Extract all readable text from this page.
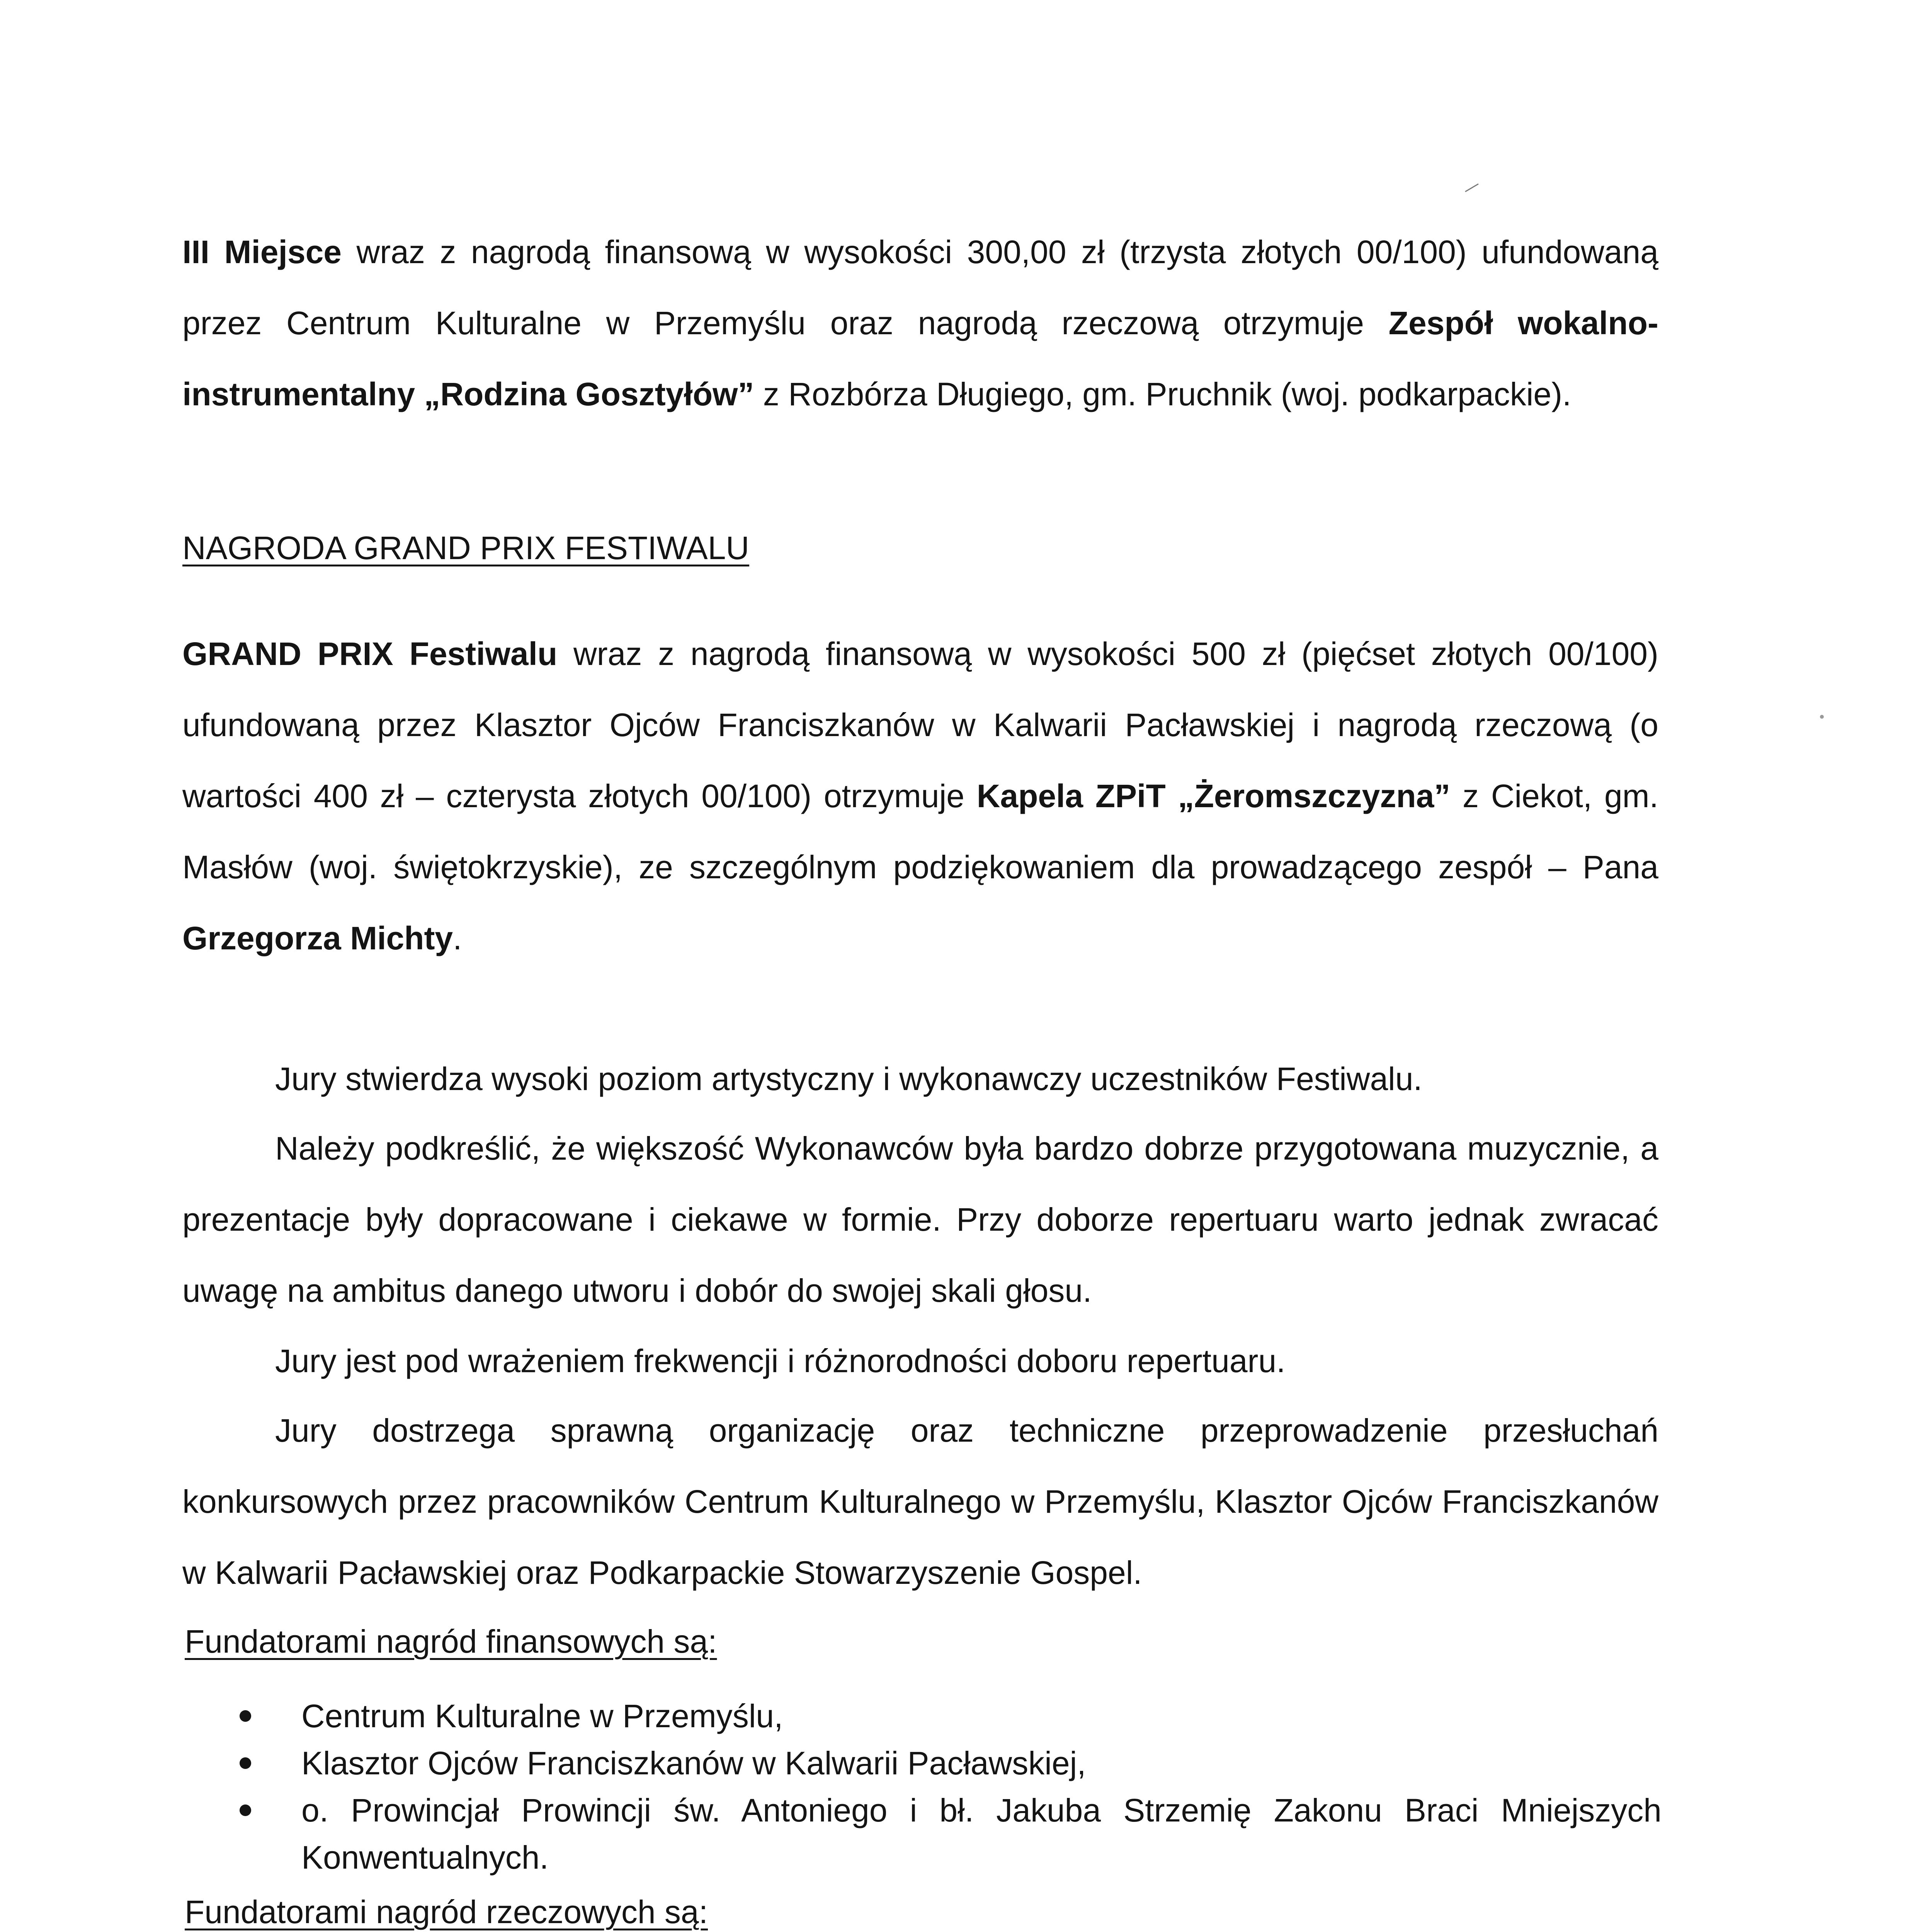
III Miejsce wraz z nagrodą finansową w wysokości 300,00 zł (trzysta złotych 00/100) ufundowaną przez Centrum Kulturalne w Przemyślu oraz nagrodą rzeczową otrzymuje Zespół wokalno-instrumentalny „Rodzina Gosztyłów” z Rozbórza Długiego, gm. Pruchnik (woj. podkarpackie).

NAGRODA GRAND PRIX FESTIWALU

GRAND PRIX Festiwalu wraz z nagrodą finansową w wysokości 500 zł (pięćset złotych 00/100) ufundowaną przez Klasztor Ojców Franciszkanów w Kalwarii Pacławskiej i nagrodą rzeczową (o wartości 400 zł – czterysta złotych 00/100) otrzymuje Kapela ZPiT „Żeromszczyzna” z Ciekot, gm. Masłów (woj. świętokrzyskie), ze szczególnym podziękowaniem dla prowadzącego zespół – Pana Grzegorza Michty.

Jury stwierdza wysoki poziom artystyczny i wykonawczy uczestników Festiwalu.

Należy podkreślić, że większość Wykonawców była bardzo dobrze przygotowana muzycznie, a prezentacje były dopracowane i ciekawe w formie. Przy doborze repertuaru warto jednak zwracać uwagę na ambitus danego utworu i dobór do swojej skali głosu.

Jury jest pod wrażeniem frekwencji i różnorodności doboru repertuaru.

Jury dostrzega sprawną organizację oraz techniczne przeprowadzenie przesłuchań konkursowych przez pracowników Centrum Kulturalnego w Przemyślu, Klasztor Ojców Franciszkanów w Kalwarii Pacławskiej oraz Podkarpackie Stowarzyszenie Gospel.

Fundatorami nagród finansowych są:

Centrum Kulturalne w Przemyślu,
Klasztor Ojców Franciszkanów w Kalwarii Pacławskiej,
o. Prowincjał Prowincji św. Antoniego i bł. Jakuba Strzemię Zakonu Braci Mniejszych Konwentualnych.

Fundatorami nagród rzeczowych są:
